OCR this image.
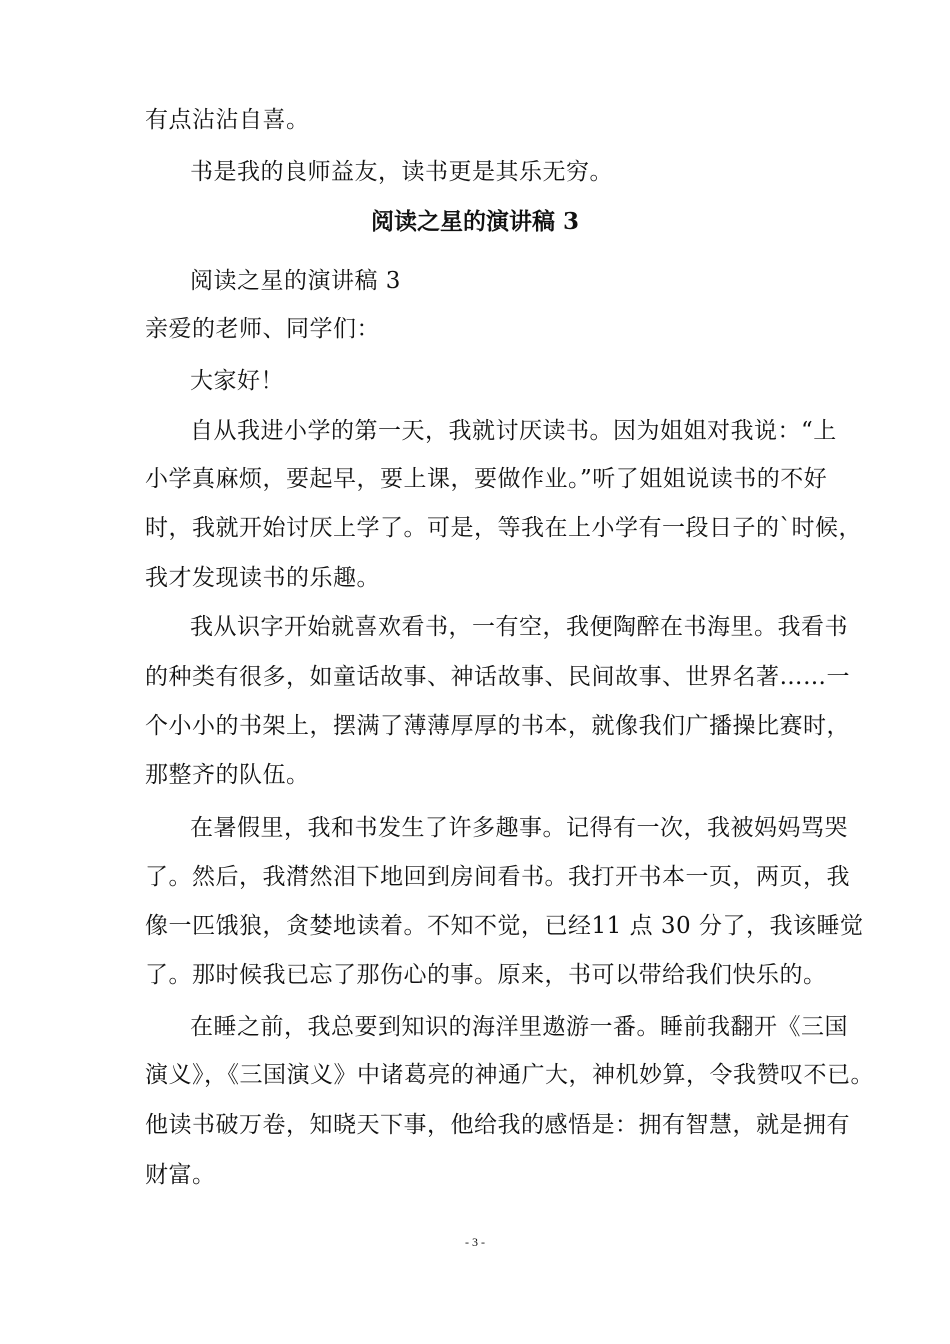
有点沾沾自喜。
书是我的良师益友，读书更是其乐无穷。
阅读之星的演讲稿 3
阅读之星的演讲稿 3
亲爱的老师、同学们：
大家好！
自从我进小学的第一天，我就讨厌读书。因为姐姐对我说：“上
小学真麻烦，要起早，要上课，要做作业。”听了姐姐说读书的不好
时，我就开始讨厌上学了。可是，等我在上小学有一段日子的`时候，
我才发现读书的乐趣。
我从识字开始就喜欢看书，一有空，我便陶醉在书海里。我看书
的种类有很多，如童话故事、神话故事、民间故事、世界名著……一
个小小的书架上，摆满了薄薄厚厚的书本，就像我们广播操比赛时，
那整齐的队伍。
在暑假里，我和书发生了许多趣事。记得有一次，我被妈妈骂哭
了。然后，我潸然泪下地回到房间看书。我打开书本一页，两页，我
像一匹饿狼，贪婪地读着。不知不觉，已经11 点 30 分了，我该睡觉
了。那时候我已忘了那伤心的事。原来，书可以带给我们快乐的。
在睡之前，我总要到知识的海洋里遨游一番。睡前我翻开《三国
演义》，《三国演义》中诸葛亮的神通广大，神机妙算，令我赞叹不已。
他读书破万卷，知晓天下事，他给我的感悟是：拥有智慧，就是拥有
财富。
- 3 -
